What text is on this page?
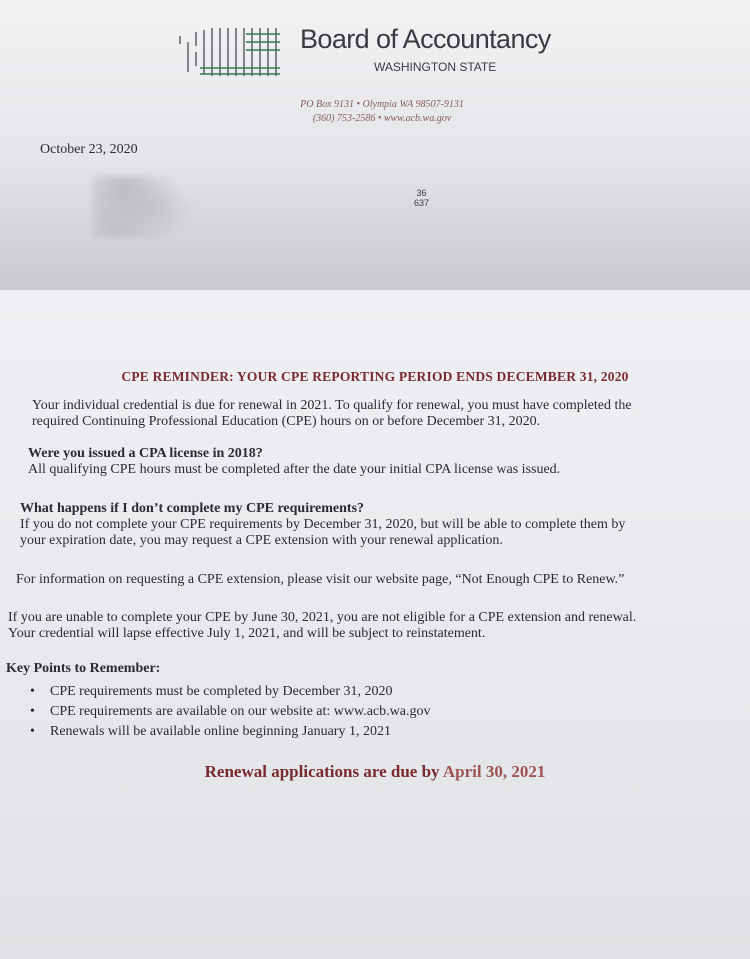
Board of Accountancy
WASHINGTON STATE
PO Box 9131 • Olympia WA 98507-9131
(360) 753-2586 • www.acb.wa.gov
October 23, 2020
36
637
CPE REMINDER: YOUR CPE REPORTING PERIOD ENDS DECEMBER 31, 2020
Your individual credential is due for renewal in 2021. To qualify for renewal, you must have completed the
required Continuing Professional Education (CPE) hours on or before December 31, 2020.
Were you issued a CPA license in 2018?
All qualifying CPE hours must be completed after the date your initial CPA license was issued.
What happens if I don’t complete my CPE requirements?
If you do not complete your CPE requirements by December 31, 2020, but will be able to complete them by
your expiration date, you may request a CPE extension with your renewal application.
For information on requesting a CPE extension, please visit our website page, “Not Enough CPE to Renew.”
If you are unable to complete your CPE by June 30, 2021, you are not eligible for a CPE extension and renewal.
Your credential will lapse effective July 1, 2021, and will be subject to reinstatement.
Key Points to Remember:
• CPE requirements must be completed by December 31, 2020
• CPE requirements are available on our website at: www.acb.wa.gov
• Renewals will be available online beginning January 1, 2021
Renewal applications are due by April 30, 2021
